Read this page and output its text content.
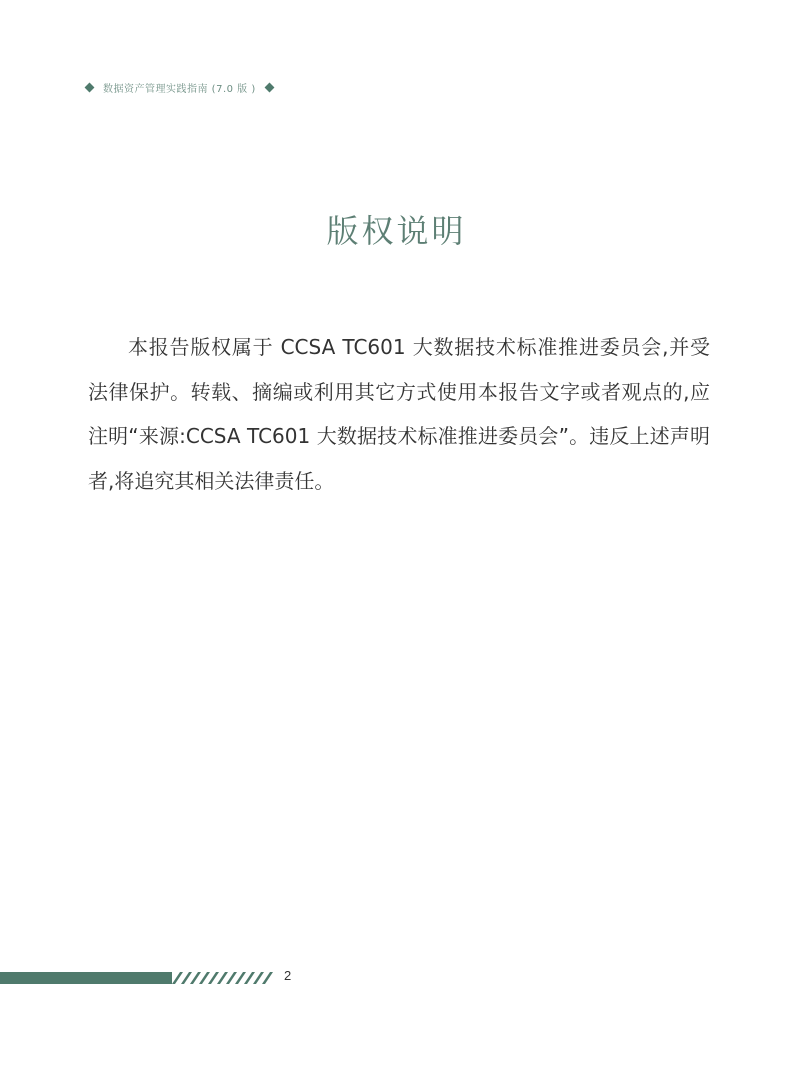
数据资产管理实践指南 (7.0 版 )
版权说明
本报告版权属于 CCSA TC601 大数据技术标准推进委员会,并受法律保护。转载、摘编或利用其它方式使用本报告文字或者观点的,应注明“来源:CCSA TC601 大数据技术标准推进委员会”。违反上述声明者,将追究其相关法律责任。
2
